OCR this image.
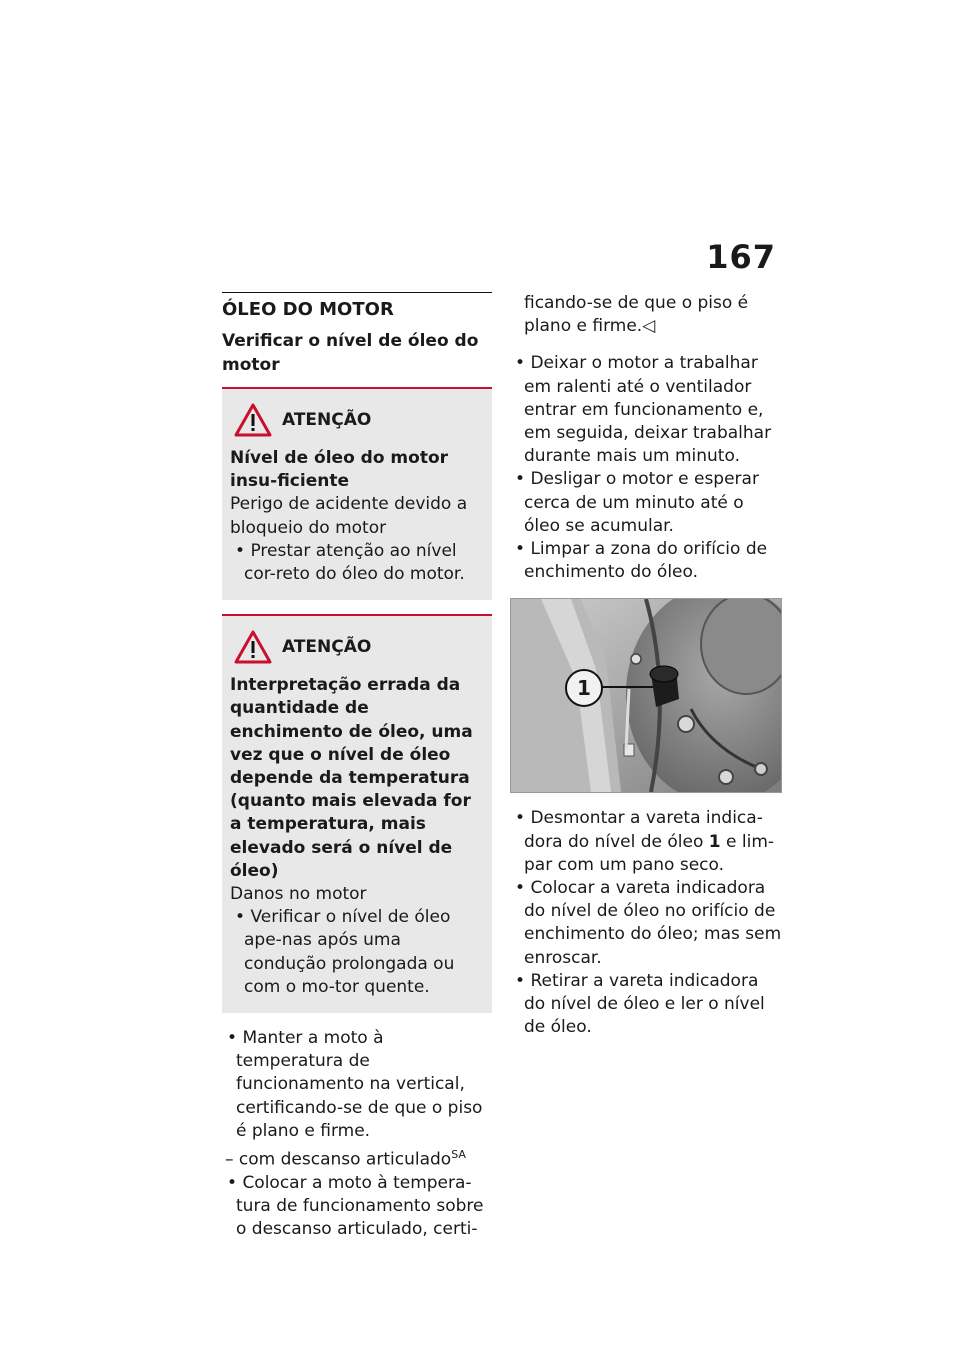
167
ÓLEO DO MOTOR
Verificar o nível de óleo do motor
ATENÇÃO
Nível de óleo do motor insu-ficiente
Perigo de acidente devido a bloqueio do motor
• Prestar atenção ao nível cor-reto do óleo do motor.
ATENÇÃO
Interpretação errada da quantidade de enchimento de óleo, uma vez que o nível de óleo depende da temperatura (quanto mais elevada for a temperatura, mais elevado será o nível de óleo)
Danos no motor
• Verificar o nível de óleo ape-nas após uma condução prolongada ou com o mo-tor quente.
• Manter a moto à temperatura de funcionamento na vertical, certificando-se de que o piso é plano e firme.
– com descanso articulado$^{SA}$
• Colocar a moto à tempera-tura de funcionamento sobre o descanso articulado, certi-
ficando-se de que o piso é plano e firme.◁
• Deixar o motor a trabalhar em ralenti até o ventilador entrar em funcionamento e, em seguida, deixar trabalhar durante mais um minuto.
• Desligar o motor e esperar cerca de um minuto até o óleo se acumular.
• Limpar a zona do orifício de enchimento do óleo.
1
• Desmontar a vareta indica-dora do nível de óleo 1 e lim-par com um pano seco.
• Colocar a vareta indicadora do nível de óleo no orifício de enchimento do óleo; mas sem enroscar.
• Retirar a vareta indicadora do nível de óleo e ler o nível de óleo.
